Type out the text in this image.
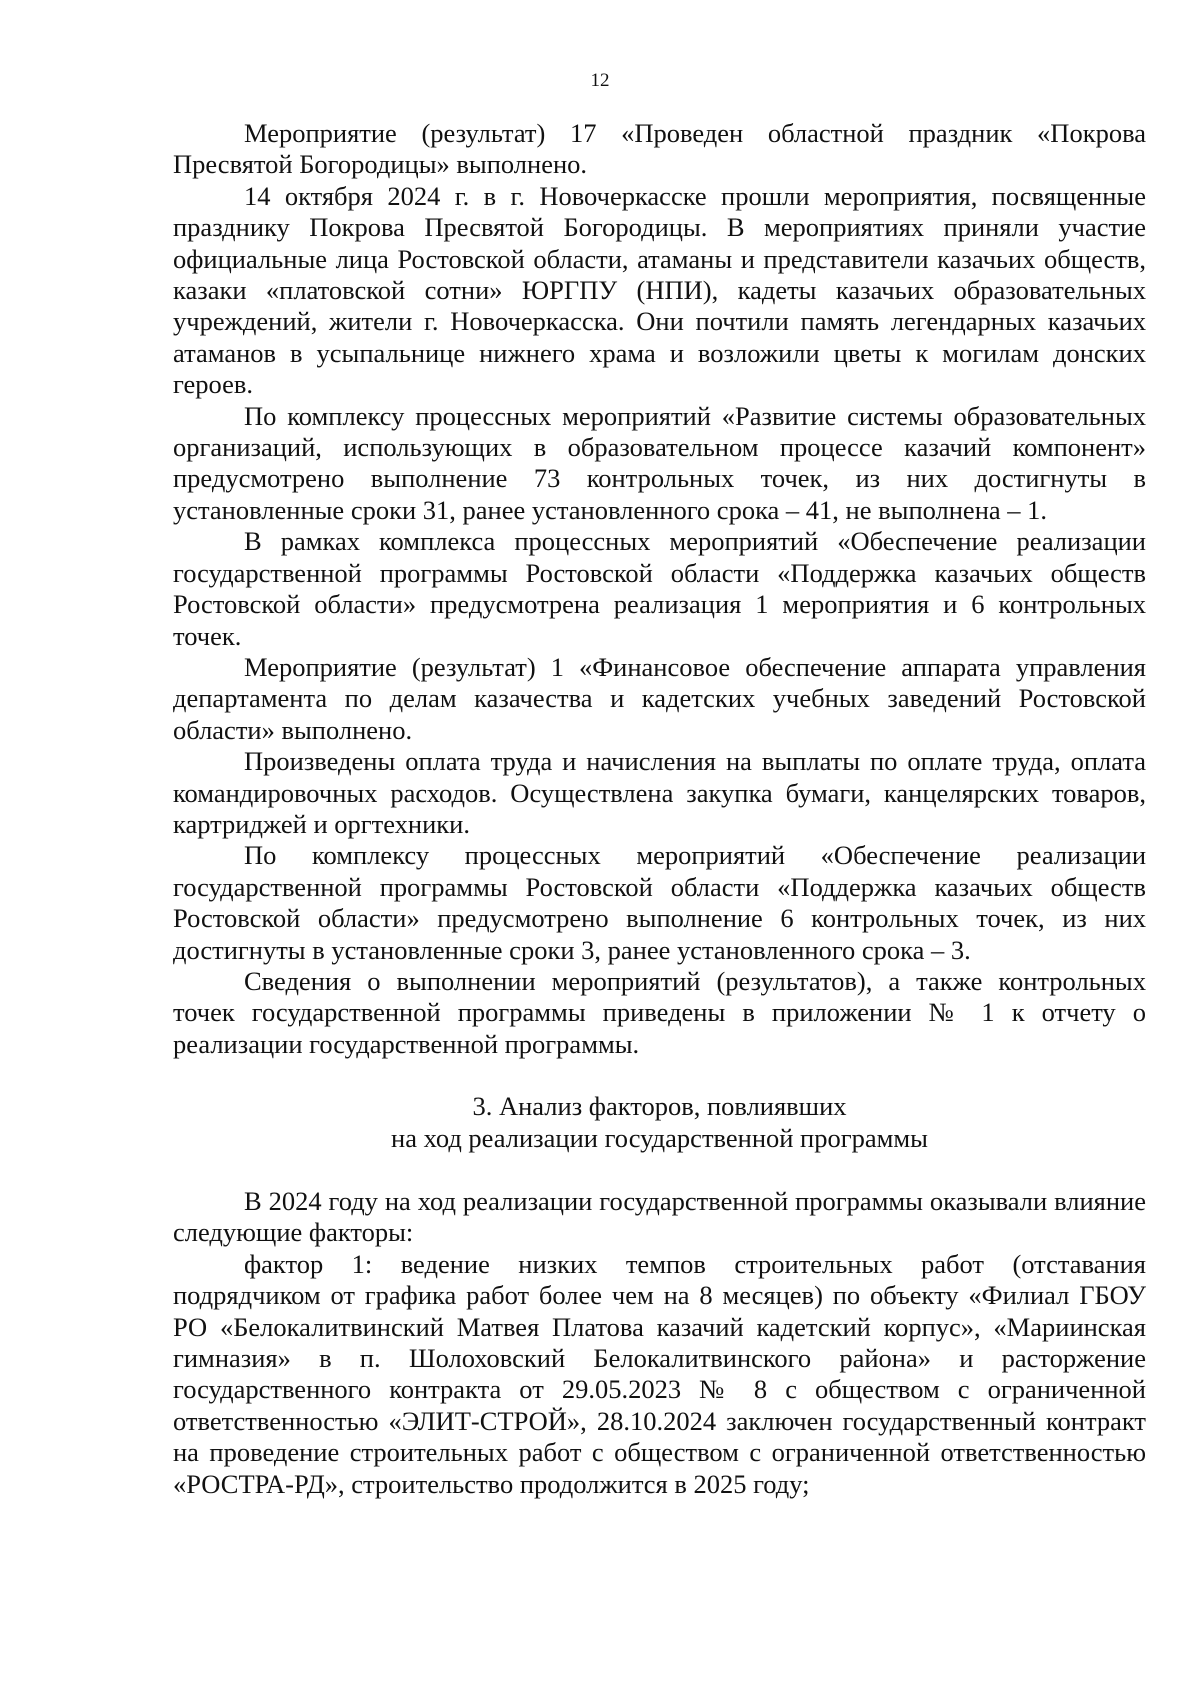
12

Мероприятие (результат) 17 «Проведен областной праздник «Покрова Пресвятой Богородицы» выполнено.

14 октября 2024 г. в г. Новочеркасске прошли мероприятия, посвященные празднику Покрова Пресвятой Богородицы. В мероприятиях приняли участие официальные лица Ростовской области, атаманы и представители казачьих обществ, казаки «платовской сотни» ЮРГПУ (НПИ), кадеты казачьих образовательных учреждений, жители г. Новочеркасска. Они почтили память легендарных казачьих атаманов в усыпальнице нижнего храма и возложили цветы к могилам донских героев.

По комплексу процессных мероприятий «Развитие системы образовательных организаций, использующих в образовательном процессе казачий компонент» предусмотрено выполнение 73 контрольных точек, из них достигнуты в установленные сроки 31, ранее установленного срока – 41, не выполнена – 1.

В рамках комплекса процессных мероприятий «Обеспечение реализации государственной программы Ростовской области «Поддержка казачьих обществ Ростовской области» предусмотрена реализация 1 мероприятия и 6 контрольных точек.

Мероприятие (результат) 1 «Финансовое обеспечение аппарата управления департамента по делам казачества и кадетских учебных заведений Ростовской области» выполнено.

Произведены оплата труда и начисления на выплаты по оплате труда, оплата командировочных расходов. Осуществлена закупка бумаги, канцелярских товаров, картриджей и оргтехники.

По комплексу процессных мероприятий «Обеспечение реализации государственной программы Ростовской области «Поддержка казачьих обществ Ростовской области» предусмотрено выполнение 6 контрольных точек, из них достигнуты в установленные сроки 3, ранее установленного срока – 3.

Сведения о выполнении мероприятий (результатов), а также контрольных точек государственной программы приведены в приложении № 1 к отчету о реализации государственной программы.

3. Анализ факторов, повлиявших
на ход реализации государственной программы

В 2024 году на ход реализации государственной программы оказывали влияние следующие факторы:

фактор 1: ведение низких темпов строительных работ (отставания подрядчиком от графика работ более чем на 8 месяцев) по объекту «Филиал ГБОУ РО «Белокалитвинский Матвея Платова казачий кадетский корпус», «Мариинская гимназия» в п. Шолоховский Белокалитвинского района» и расторжение государственного контракта от 29.05.2023 № 8 с обществом с ограниченной ответственностью «ЭЛИТ-СТРОЙ», 28.10.2024 заключен государственный контракт на проведение строительных работ с обществом с ограниченной ответственностью «РОСТРА-РД», строительство продолжится в 2025 году;
